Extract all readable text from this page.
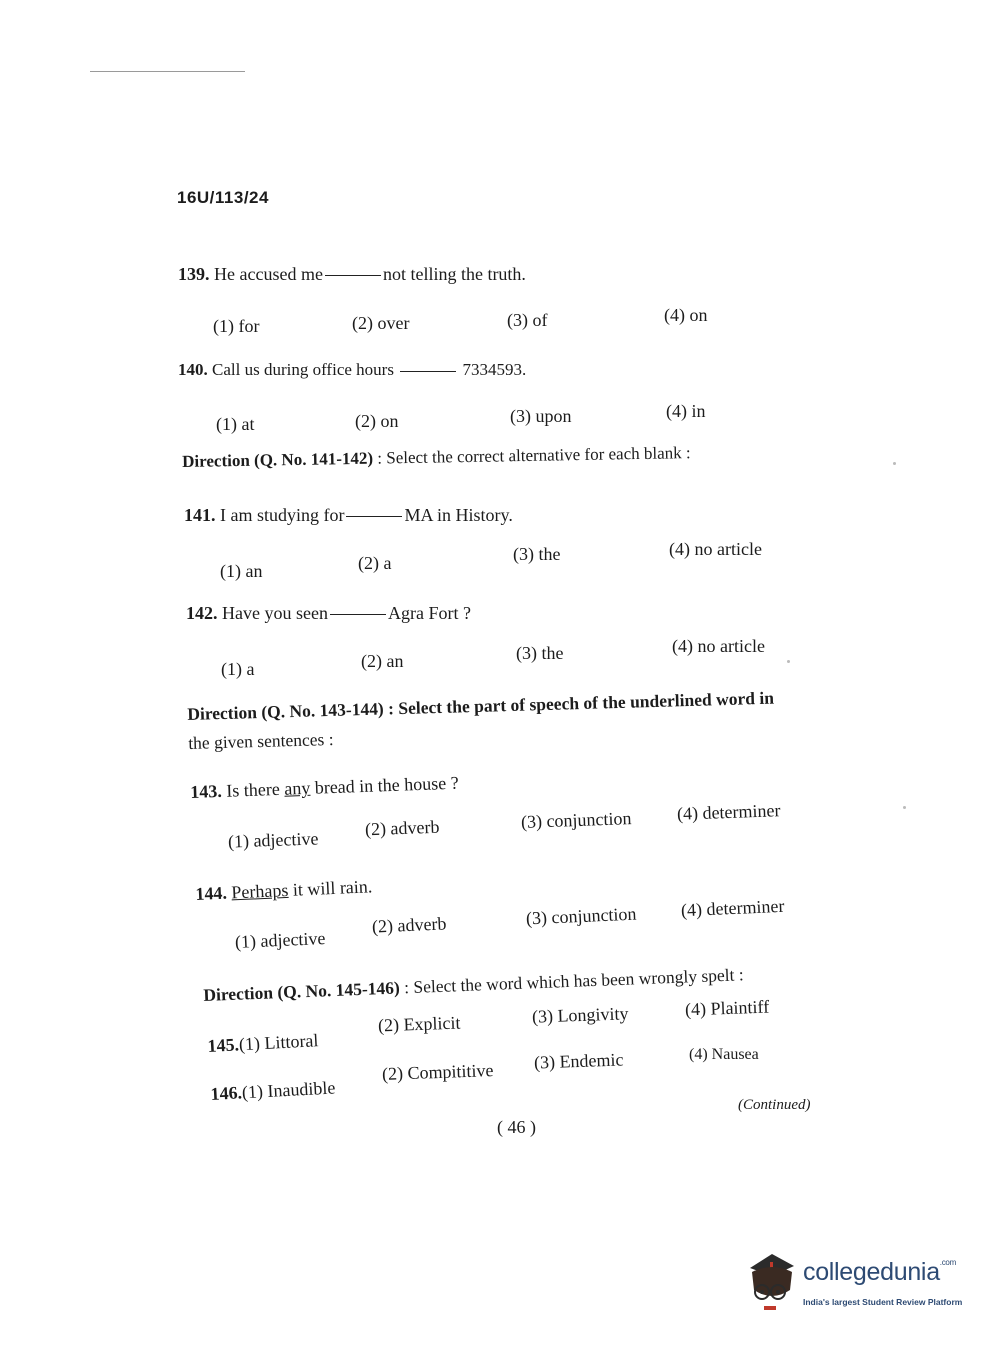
16U/113/24
139. He accused me	not telling the truth.
(1) for	(2) over	(3) of	(4) on
140. Call us during office hours	7334593.
(1) at	(2) on	(3) upon	(4) in
Direction (Q. No. 141-142) : Select the correct alternative for each blank :
141. I am studying for	MA in History.
(1) an	(2) a	(3) the	(4) no article
142. Have you seen	Agra Fort ?
(1) a	(2) an	(3) the	(4) no article
Direction (Q. No. 143-144) : Select the part of speech of the underlined word in
the given sentences :
143. Is there any bread in the house ?
(1) adjective
(2) adverb	(3) conjunction (4) determiner
144. Perhaps it will rain.
(1) adjective
(2) adverb	(3) conjunction (4) determiner
Direction (Q. No. 145-146) : Select the word which has been wrongly spelt :
145.(1) Littoral
(2) Explicit	(3) Longivity	(4) Plaintiff
146.(1) Inaudible
(2) Compititive (3) Endemic	(4) Nausea
(Continued)
( 46 )
collegedunia$^{.com}$
India's largest Student Review Platform
